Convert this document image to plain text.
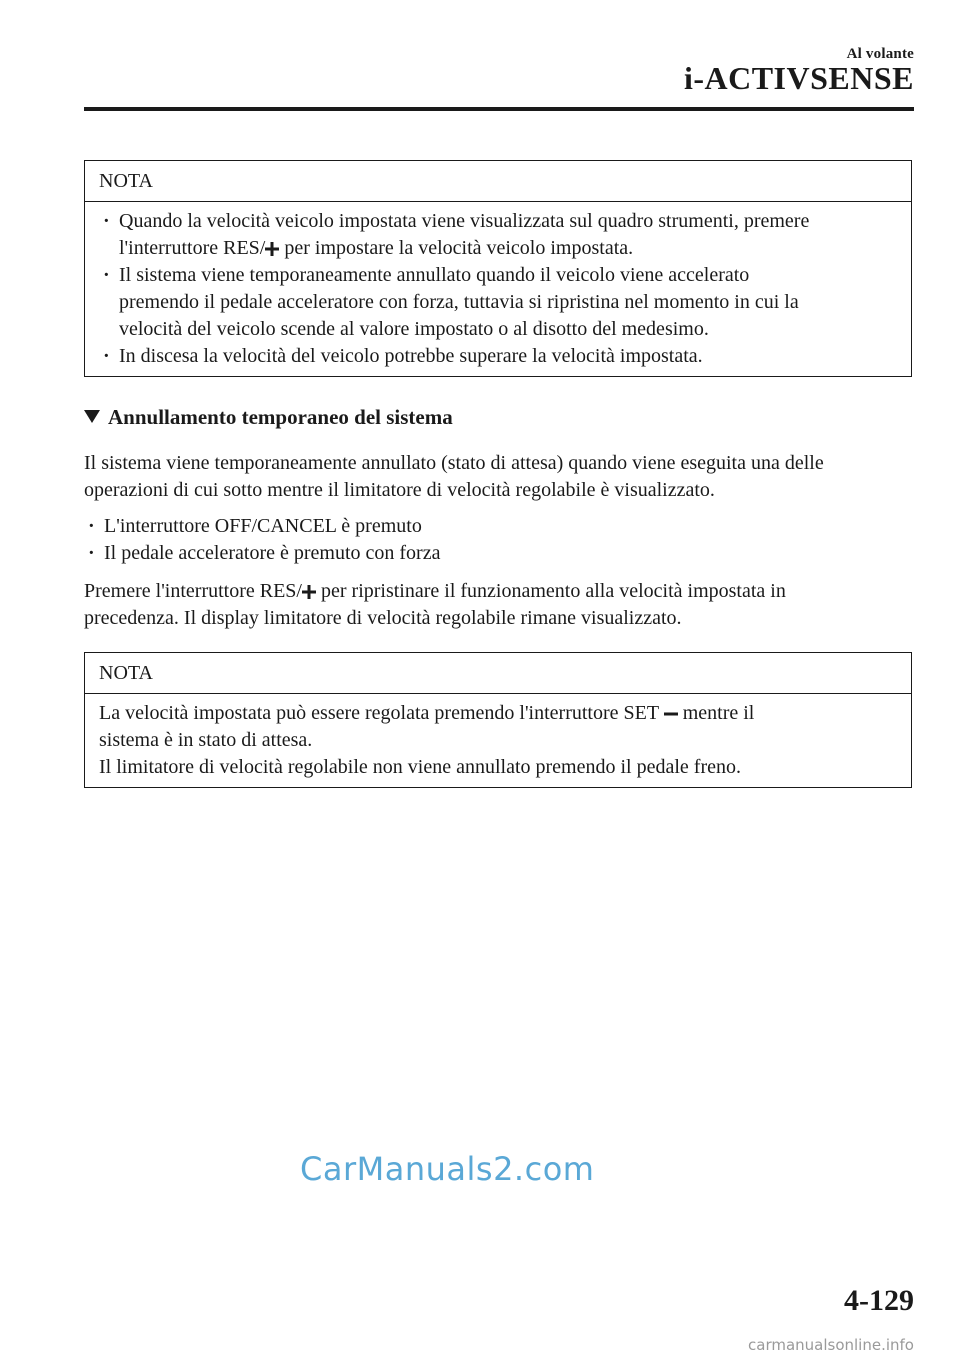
Al volante
i-ACTIVSENSE
NOTA
· Quando la velocità veicolo impostata viene visualizzata sul quadro strumenti, premere
l'interruttore RES/ per impostare la velocità veicolo impostata.
· Il sistema viene temporaneamente annullato quando il veicolo viene accelerato
premendo il pedale acceleratore con forza, tuttavia si ripristina nel momento in cui la
velocità del veicolo scende al valore impostato o al disotto del medesimo.
· In discesa la velocità del veicolo potrebbe superare la velocità impostata.
Annullamento temporaneo del sistema

Il sistema viene temporaneamente annullato (stato di attesa) quando viene eseguita una delle
operazioni di cui sotto mentre il limitatore di velocità regolabile è visualizzato.

· L'interruttore OFF/CANCEL è premuto
· Il pedale acceleratore è premuto con forza

Premere l'interruttore RES/ per ripristinare il funzionamento alla velocità impostata in
precedenza. Il display limitatore di velocità regolabile rimane visualizzato.

NOTA

La velocità impostata può essere regolata premendo l'interruttore SET  mentre il
sistema è in stato di attesa.
Il limitatore di velocità regolabile non viene annullato premendo il pedale freno.

CarManuals2.com
4-129
carmanualsonline.info
